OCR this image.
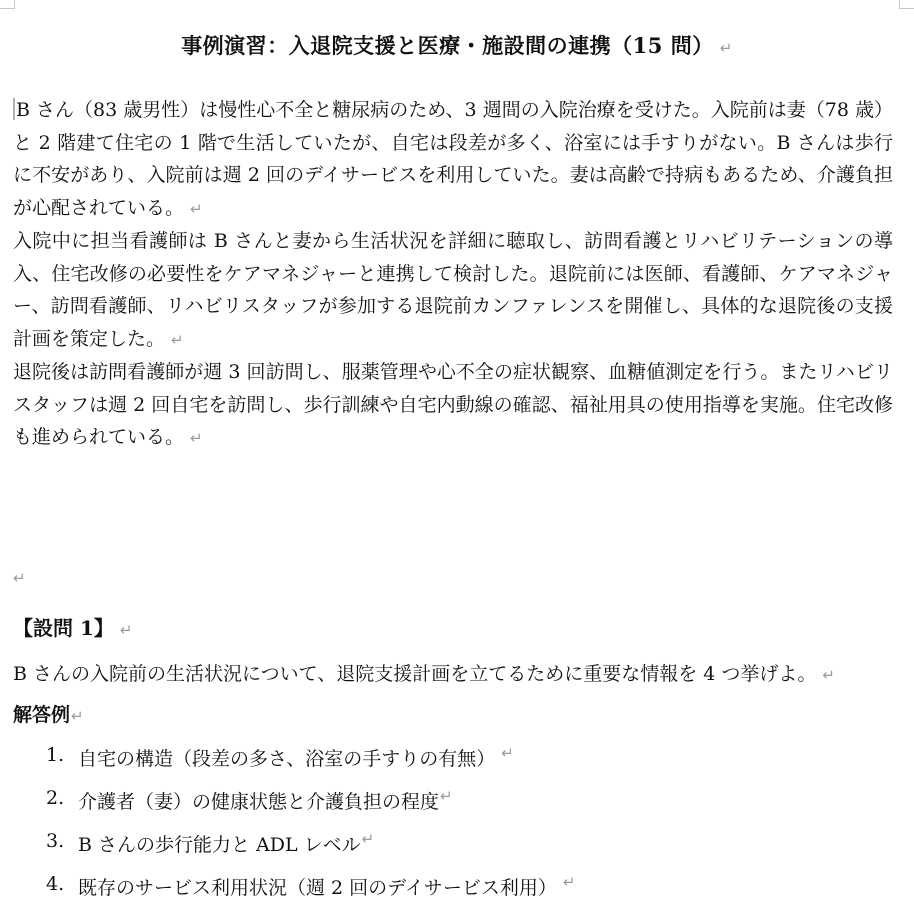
事例演習：入退院支援と医療・施設間の連携（15 問） ↵

B さん（83 歳男性）は慢性心不全と糖尿病のため、3 週間の入院治療を受けた。入院前は妻（78 歳）と 2 階建て住宅の 1 階で生活していたが、自宅は段差が多く、浴室には手すりがない。B さんは歩行に不安があり、入院前は週 2 回のデイサービスを利用していた。妻は高齢で持病もあるため、介護負担が心配されている。 ↵

入院中に担当看護師は B さんと妻から生活状況を詳細に聴取し、訪問看護とリハビリテーションの導入、住宅改修の必要性をケアマネジャーと連携して検討した。退院前には医師、看護師、ケアマネジャー、訪問看護師、リハビリスタッフが参加する退院前カンファレンスを開催し、具体的な退院後の支援計画を策定した。 ↵

退院後は訪問看護師が週 3 回訪問し、服薬管理や心不全の症状観察、血糖値測定を行う。またリハビリスタッフは週 2 回自宅を訪問し、歩行訓練や自宅内動線の確認、福祉用具の使用指導を実施。住宅改修も進められている。 ↵

↵
【設問 1】 ↵
B さんの入院前の生活状況について、退院支援計画を立てるために重要な情報を 4 つ挙げよ。 ↵
解答例↵
1. 自宅の構造（段差の多さ、浴室の手すりの有無） ↵
2. 介護者（妻）の健康状態と介護負担の程度 ↵
3. B さんの歩行能力と ADL レベル ↵
4. 既存のサービス利用状況（週 2 回のデイサービス利用） ↵
